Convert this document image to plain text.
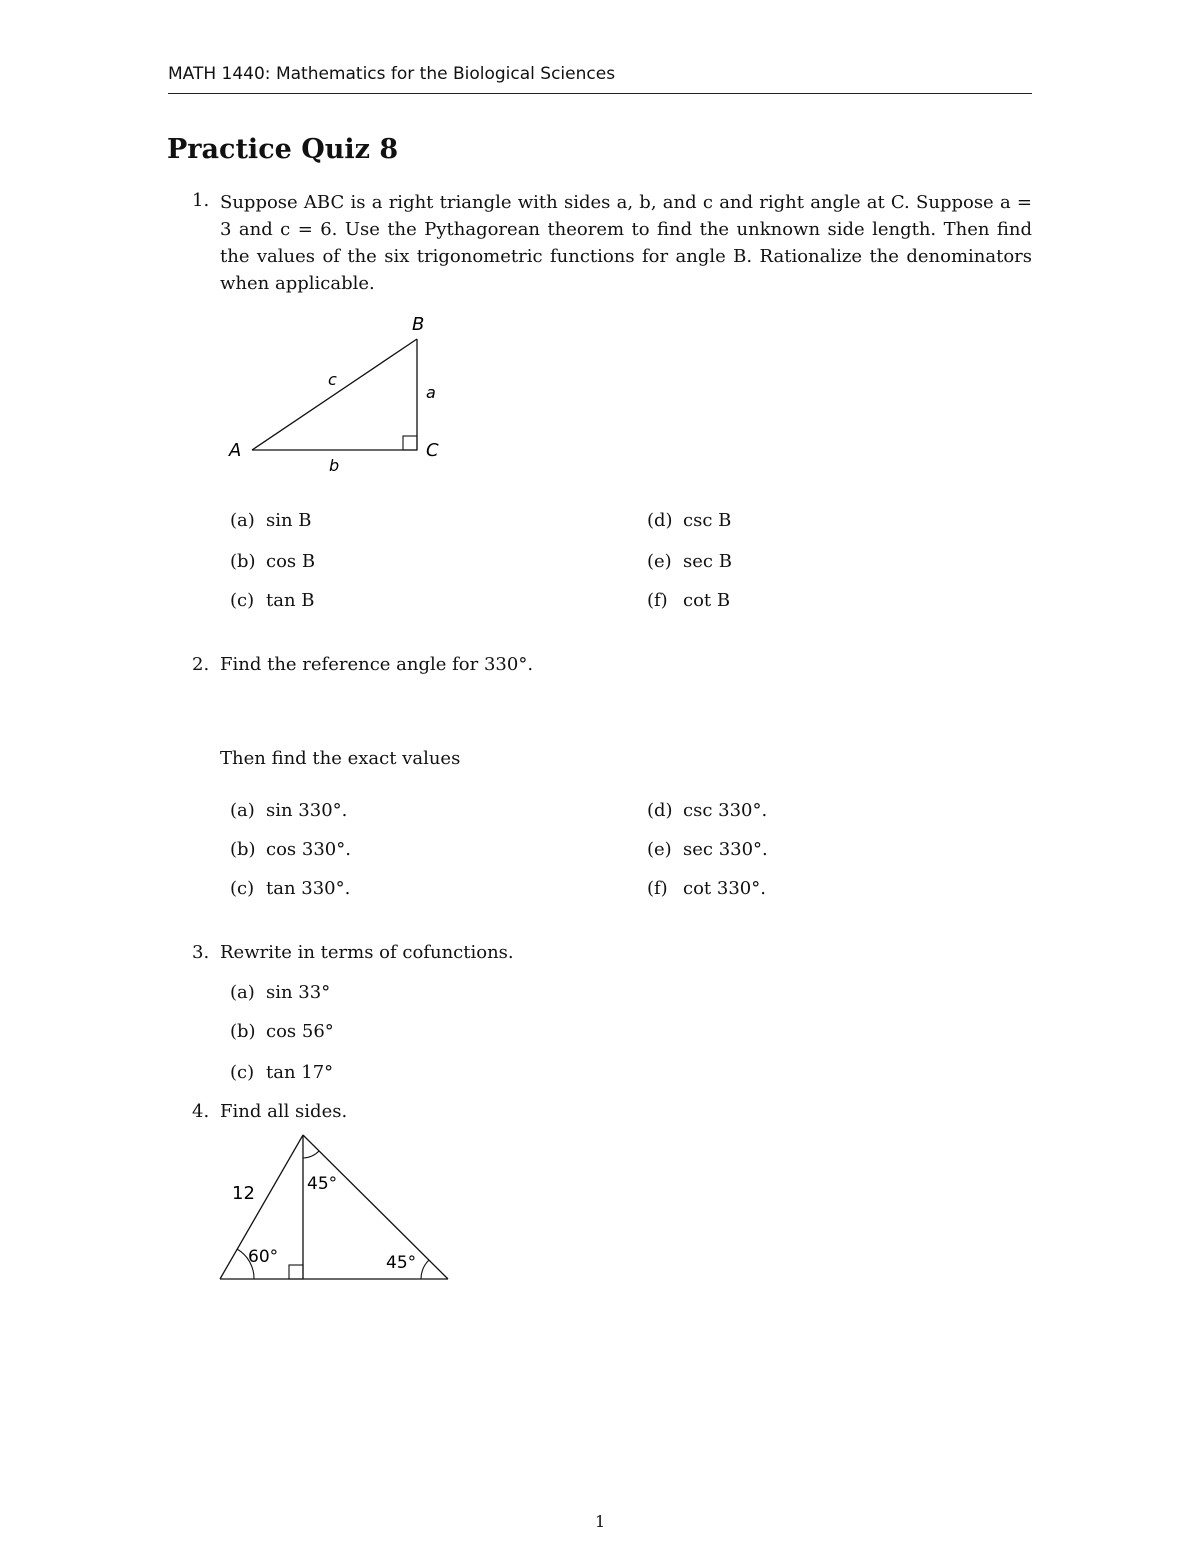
MATH 1440: Mathematics for the Biological Sciences
Practice Quiz 8
1. Suppose ABC is a right triangle with sides a, b, and c and right angle at C. Suppose a = 3 and c = 6. Use the Pythagorean theorem to find the unknown side length. Then find the values of the six trigonometric functions for angle B. Rationalize the denominators when applicable.
B
A	C
c
a
b
(a) sin B
(b) cos B
(c) tan B
(d) csc B
(e) sec B
(f) cot B
2. Find the reference angle for 330°.
Then find the exact values
(a) sin 330°.
(b) cos 330°.
(c) tan 330°.
(d) csc 330°.
(e) sec 330°.
(f) cot 330°.
3. Rewrite in terms of cofunctions.
(a) sin 33°
(b) cos 56°
(c) tan 17°
4. Find all sides.
12	45°
60°	45°
1
